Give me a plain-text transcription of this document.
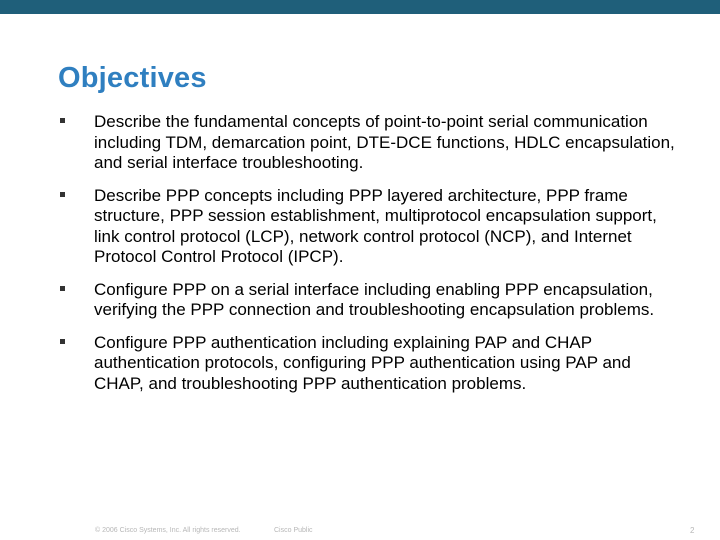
Objectives
Describe the fundamental concepts of point-to-point serial communication including TDM, demarcation point, DTE-DCE functions, HDLC encapsulation, and serial interface troubleshooting.
Describe PPP concepts including PPP layered architecture, PPP frame structure, PPP session establishment, multiprotocol encapsulation support, link control protocol (LCP), network control protocol (NCP), and Internet Protocol Control Protocol (IPCP).
Configure PPP on a serial interface including enabling PPP encapsulation, verifying the PPP connection and troubleshooting encapsulation problems.
Configure PPP authentication including explaining PAP and CHAP authentication protocols, configuring PPP authentication using PAP and CHAP, and troubleshooting PPP authentication problems.
© 2006 Cisco Systems, Inc. All rights reserved.	Cisco Public	2
